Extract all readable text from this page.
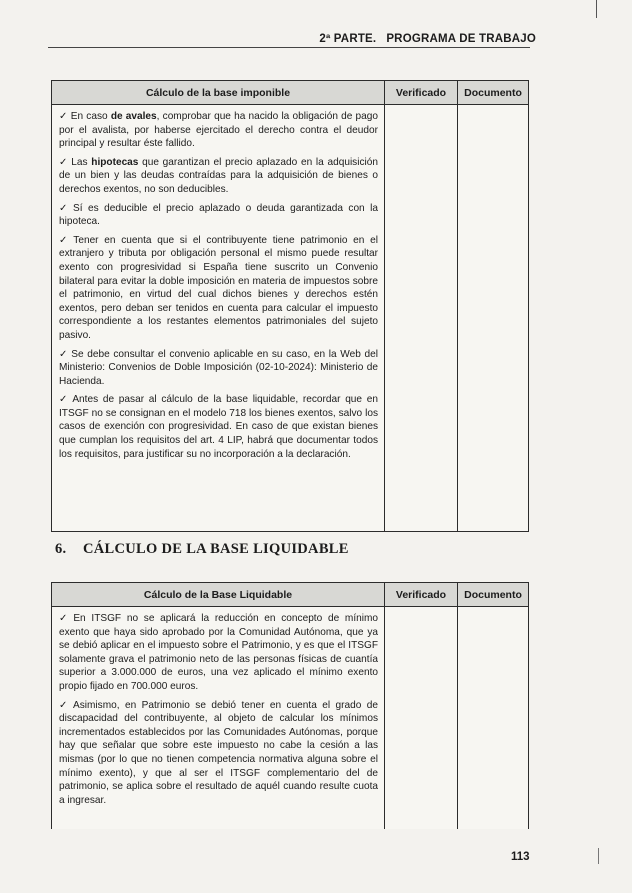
2ª PARTE. PROGRAMA DE TRABAJO
Cálculo de la base imponible	Verificado	Documento
✓ En caso de avales, comprobar que ha nacido la obligación de pago por el avalista, por haberse ejercitado el derecho contra el deudor principal y resultar éste fallido.
✓ Las hipotecas que garantizan el precio aplazado en la adquisición de un bien y las deudas contraídas para la adquisición de bienes o derechos exentos, no son deducibles.
✓ Sí es deducible el precio aplazado o deuda garantizada con la hipoteca.
✓ Tener en cuenta que si el contribuyente tiene patrimonio en el extranjero y tributa por obligación personal el mismo puede resultar exento con progresividad si España tiene suscrito un Convenio bilateral para evitar la doble imposición en materia de impuestos sobre el patrimonio, en virtud del cual dichos bienes y derechos estén exentos, pero deban ser tenidos en cuenta para calcular el impuesto correspondiente a los restantes elementos patrimoniales del sujeto pasivo.
✓ Se debe consultar el convenio aplicable en su caso, en la Web del Ministerio: Convenios de Doble Imposición (02-10-2024): Ministerio de Hacienda.
✓ Antes de pasar al cálculo de la base liquidable, recordar que en ITSGF no se consignan en el modelo 718 los bienes exentos, salvo los casos de exención con progresividad. En caso de que existan bienes que cumplan los requisitos del art. 4 LIP, habrá que documentar todos los requisitos, para justificar su no incorporación a la declaración.
6. CÁLCULO DE LA BASE LIQUIDABLE
Cálculo de la Base Liquidable	Verificado	Documento
✓ En ITSGF no se aplicará la reducción en concepto de mínimo exento que haya sido aprobado por la Comunidad Autónoma, que ya se debió aplicar en el impuesto sobre el Patrimonio, y es que el ITSGF solamente grava el patrimonio neto de las personas físicas de cuantía superior a 3.000.000 de euros, una vez aplicado el mínimo exento propio fijado en 700.000 euros.
✓ Asimismo, en Patrimonio se debió tener en cuenta el grado de discapacidad del contribuyente, al objeto de calcular los mínimos incrementados establecidos por las Comunidades Autónomas, porque hay que señalar que sobre este impuesto no cabe la cesión a las mismas (por lo que no tienen competencia normativa alguna sobre el mínimo exento), y que al ser el ITSGF complementario del de patrimonio, se aplica sobre el resultado de aquél cuando resulte cuota a ingresar.
113
